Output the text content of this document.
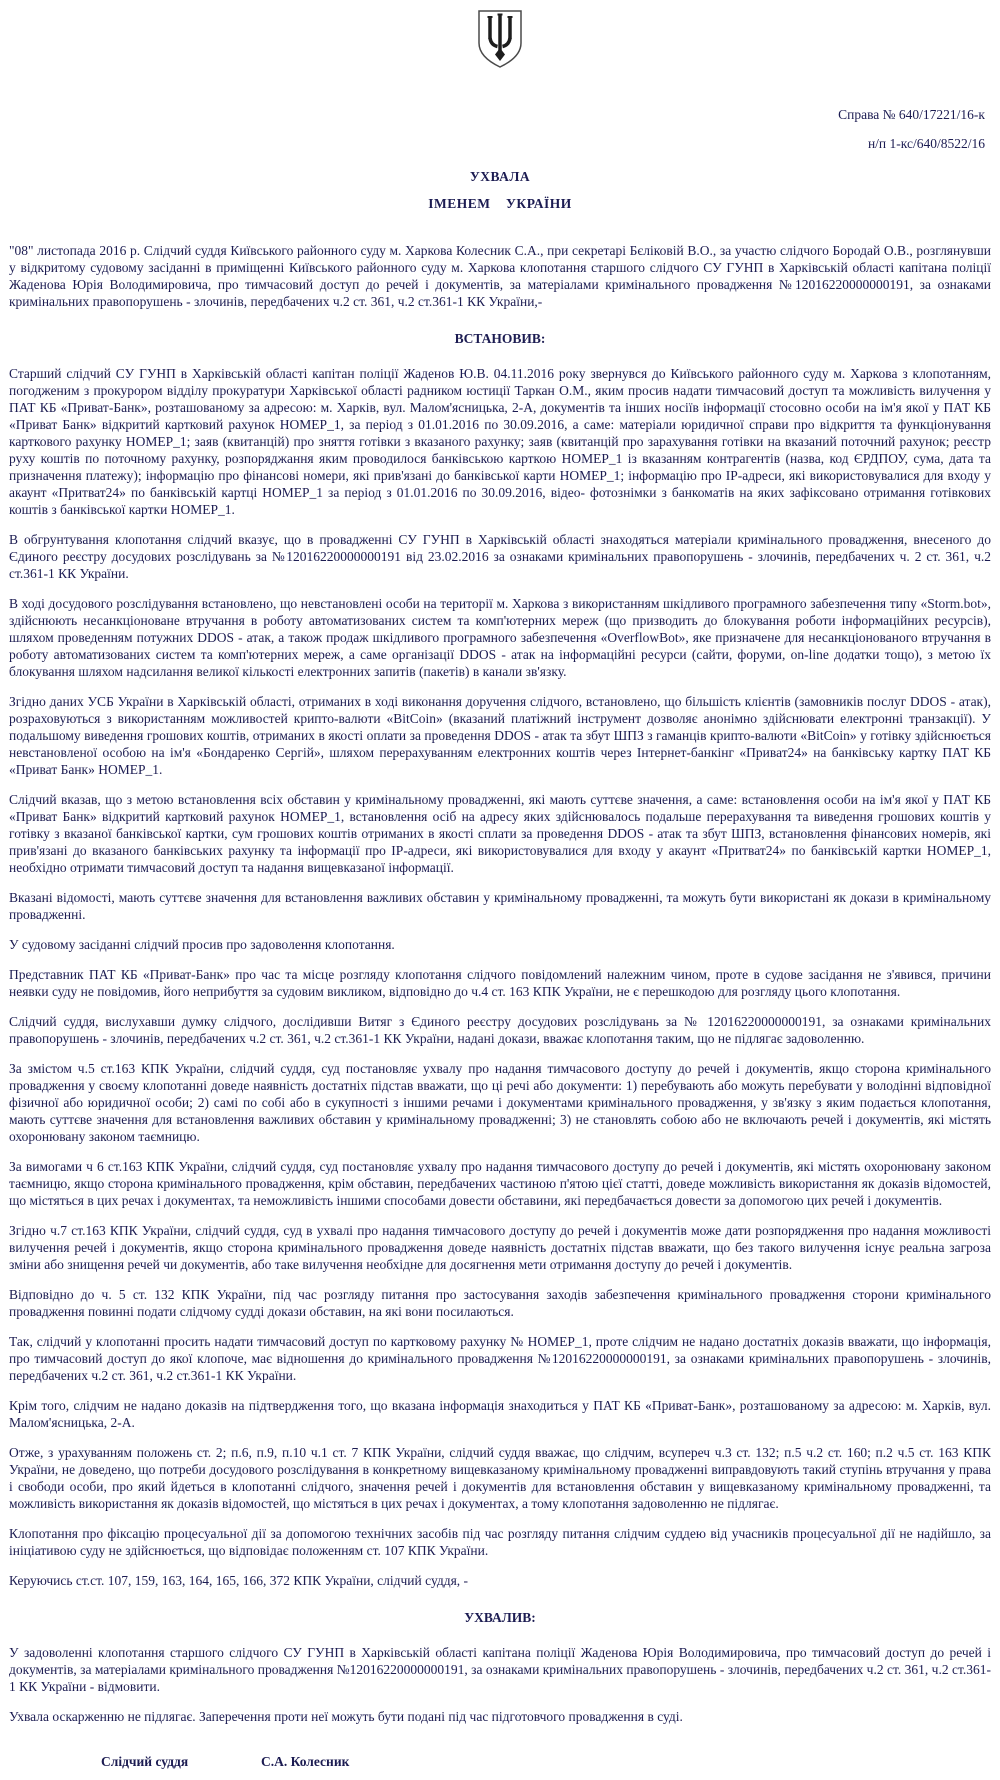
Справа № 640/17221/16-к

н/п 1-кс/640/8522/16

УХВАЛА

ІМЕНЕМ    УКРАЇНИ

"08" листопада 2016 р. Слідчий суддя Київського районного суду м. Харкова Колесник С.А., при секретарі Бєліковій В.О., за участю слідчого Бородай О.В., розглянувши у відкритому судовому засіданні в приміщенні Київського районного суду м. Харкова клопотання старшого слідчого СУ ГУНП в Харківській області капітана поліції Жаденова Юрія Володимировича, про тимчасовий доступ до речей і документів, за матеріалами кримінального провадження №12016220000000191, за ознаками кримінальних правопорушень - злочинів, передбачених ч.2 ст. 361, ч.2 ст.361-1 КК України,-

ВСТАНОВИВ:

Старший слідчий СУ ГУНП в Харківській області капітан поліції Жаденов Ю.В. 04.11.2016 року звернувся до Київського районного суду м. Харкова з клопотанням, погодженим з прокурором відділу прокуратури Харківської області радником юстиції Таркан О.М., яким просив надати тимчасовий доступ та можливість вилучення у ПАТ КБ «Приват-Банк», розташованому за адресою: м. Харків, вул. Малом'ясницька, 2-А, документів та інших носіїв інформації стосовно особи на ім'я якої у ПАТ КБ «Приват Банк» відкритий картковий рахунок НОМЕР_1, за період з 01.01.2016 по 30.09.2016, а саме: матеріали юридичної справи про відкриття та функціонування карткового рахунку НОМЕР_1; заяв (квитанцій) про зняття готівки з вказаного рахунку; заяв (квитанцій про зарахування готівки на вказаний поточний рахунок; реєстр руху коштів по поточному рахунку, розпоряджання яким проводилося банківською карткою НОМЕР_1 із вказанням контрагентів (назва, код ЄРДПОУ, сума, дата та призначення платежу); інформацію про фінансові номери, які прив'язані до банківської карти НОМЕР_1; інформацію про IP-адреси, які використовувалися для входу у акаунт «Притват24» по банківській картці НОМЕР_1 за період з 01.01.2016 по 30.09.2016, відео- фотознімки з банкоматів на яких зафіксовано отримання готівкових коштів з банківської картки НОМЕР_1.

В обгрунтування клопотання слідчий вказує, що в провадженні СУ ГУНП в Харківській області знаходяться матеріали кримінального провадження, внесеного до Єдиного реєстру досудових розслідувань за №12016220000000191 від 23.02.2016 за ознаками кримінальних правопорушень - злочинів, передбачених ч. 2 ст. 361, ч.2 ст.361-1 КК України.

В ході досудового розслідування встановлено, що невстановлені особи на території м. Харкова з використанням шкідливого програмного забезпечення типу «Storm.bot», здійснюють несанкціоноване втручання в роботу автоматизованих систем та комп'ютерних мереж (що призводить до блокування роботи інформаційних ресурсів), шляхом проведенням потужних DDOS - атак, а також продаж шкідливого програмного забезпечення «OverflowBot», яке призначене для несанкціонованого втручання в роботу автоматизованих систем та комп'ютерних мереж, а саме організації DDOS - атак на інформаційні ресурси (сайти, форуми, on-line додатки тощо), з метою їх блокування шляхом надсилання великої кількості електронних запитів (пакетів) в канали зв'язку.

Згідно даних УСБ України в Харківській області, отриманих в ході виконання доручення слідчого, встановлено, що більшість клієнтів (замовників послуг DDOS - атак), розраховуються з використанням можливостей крипто-валюти «BitCoin» (вказаний платіжний інструмент дозволяє анонімно здійснювати електронні транзакції). У подальшому виведення грошових коштів, отриманих в якості оплати за проведення DDOS - атак та збут ШПЗ з гаманців крипто-валюти «BitCoin» у готівку здійснюється невстановленої особою на ім'я «Бондаренко Сергій», шляхом перерахуванням електронних коштів через Інтернет-банкінг «Приват24» на банківську картку ПАТ КБ «Приват Банк» НОМЕР_1.

Слідчий вказав, що з метою встановлення всіх обставин у кримінальному провадженні, які мають суттєве значення, а саме: встановлення особи на ім'я якої у ПАТ КБ «Приват Банк» відкритий картковий рахунок НОМЕР_1, встановлення осіб на адресу яких здійснювалось подальше перерахування та виведення грошових коштів у готівку з вказаної банківської картки, сум грошових коштів отриманих в якості сплати за проведення DDOS - атак та збут ШПЗ, встановлення фінансових номерів, які прив'язані до вказаного банківських рахунку та інформації про IP-адреси, які використовувалися для входу у акаунт «Притват24» по банківській картки НОМЕР_1, необхідно отримати тимчасовий доступ та надання вищевказаної інформації.

Вказані відомості, мають суттєве значення для встановлення важливих обставин у кримінальному провадженні, та можуть бути використані як докази в кримінальному провадженні.

У судовому засіданні слідчий просив про задоволення клопотання.

Представник ПАТ КБ «Приват-Банк» про час та місце розгляду клопотання слідчого повідомлений належним чином, проте в судове засідання не з'явився, причини неявки суду не повідомив, його неприбуття за судовим викликом, відповідно до ч.4 ст. 163 КПК України, не є перешкодою для розгляду цього клопотання.

Слідчий суддя, вислухавши думку слідчого, дослідивши Витяг з Єдиного реєстру досудових розслідувань за № 12016220000000191, за ознаками кримінальних правопорушень - злочинів, передбачених ч.2 ст. 361, ч.2 ст.361-1 КК України, надані докази, вважає клопотання таким, що не підлягає задоволенню.

За змістом ч.5 ст.163 КПК України, слідчий суддя, суд постановляє ухвалу про надання тимчасового доступу до речей і документів, якщо сторона кримінального провадження у своєму клопотанні доведе наявність достатніх підстав вважати, що ці речі або документи: 1) перебувають або можуть перебувати у володінні відповідної фізичної або юридичної особи; 2) самі по собі або в сукупності з іншими речами і документами кримінального провадження, у зв'язку з яким подається клопотання, мають суттєве значення для встановлення важливих обставин у кримінальному провадженні; 3) не становлять собою або не включають речей і документів, які містять охоронювану законом таємницю.

За вимогами ч 6 ст.163 КПК України, слідчий суддя, суд постановляє ухвалу про надання тимчасового доступу до речей і документів, які містять охоронювану законом таємницю, якщо сторона кримінального провадження, крім обставин, передбачених частиною п'ятою цієї статті, доведе можливість використання як доказів відомостей, що містяться в цих речах і документах, та неможливість іншими способами довести обставини, які передбачається довести за допомогою цих речей і документів.

Згідно ч.7 ст.163 КПК України, слідчий суддя, суд в ухвалі про надання тимчасового доступу до речей і документів може дати розпорядження про надання можливості вилучення речей і документів, якщо сторона кримінального провадження доведе наявність достатніх підстав вважати, що без такого вилучення існує реальна загроза зміни або знищення речей чи документів, або таке вилучення необхідне для досягнення мети отримання доступу до речей і документів.

Відповідно до ч. 5 ст. 132 КПК України, під час розгляду питання про застосування заходів забезпечення кримінального провадження сторони кримінального провадження повинні подати слідчому судді докази обставин, на які вони посилаються.

Так, слідчий у клопотанні просить надати тимчасовий доступ по картковому рахунку № НОМЕР_1, проте слідчим не надано достатніх доказів вважати, що інформація, про тимчасовий доступ до якої клопоче, має відношення до кримінального провадження №12016220000000191, за ознаками кримінальних правопорушень - злочинів, передбачених ч.2 ст. 361, ч.2 ст.361-1 КК України.

Крім того, слідчим не надано доказів на підтвердження того, що вказана інформація знаходиться у ПАТ КБ «Приват-Банк», розташованому за адресою: м. Харків, вул. Малом'ясницька, 2-А.

Отже, з урахуванням положень ст. 2; п.6, п.9, п.10 ч.1 ст. 7 КПК України, слідчий суддя вважає, що слідчим, всупереч ч.3 ст. 132; п.5 ч.2 ст. 160; п.2 ч.5 ст. 163 КПК України, не доведено, що потреби досудового розслідування в конкретному вищевказаному кримінальному провадженні виправдовують такий ступінь втручання у права і свободи особи, про який йдеться в клопотанні слідчого, значення речей і документів для встановлення обставин у вищевказаному кримінальному провадженні, та можливість використання як доказів відомостей, що містяться в цих речах і документах, а тому клопотання задоволенню не підлягає.

Клопотання про фіксацію процесуальної дії за допомогою технічних засобів під час розгляду питання слідчим суддею від учасників процесуальної дії не надійшло, за ініціативою суду не здійснюється, що відповідає положенням ст. 107 КПК України.

Керуючись ст.ст. 107, 159, 163, 164, 165, 166, 372 КПК України, слідчий суддя, -

УХВАЛИВ:

У задоволенні клопотання старшого слідчого СУ ГУНП в Харківській області капітана поліції Жаденова Юрія Володимировича, про тимчасовий доступ до речей і документів, за матеріалами кримінального провадження №12016220000000191, за ознаками кримінальних правопорушень - злочинів, передбачених ч.2 ст. 361, ч.2 ст.361-1 КК України - відмовити.

Ухвала оскарженню не підлягає. Заперечення проти неї можуть бути подані під час підготовчого провадження в суді.

Слідчий суддя	С.А. Колесник
